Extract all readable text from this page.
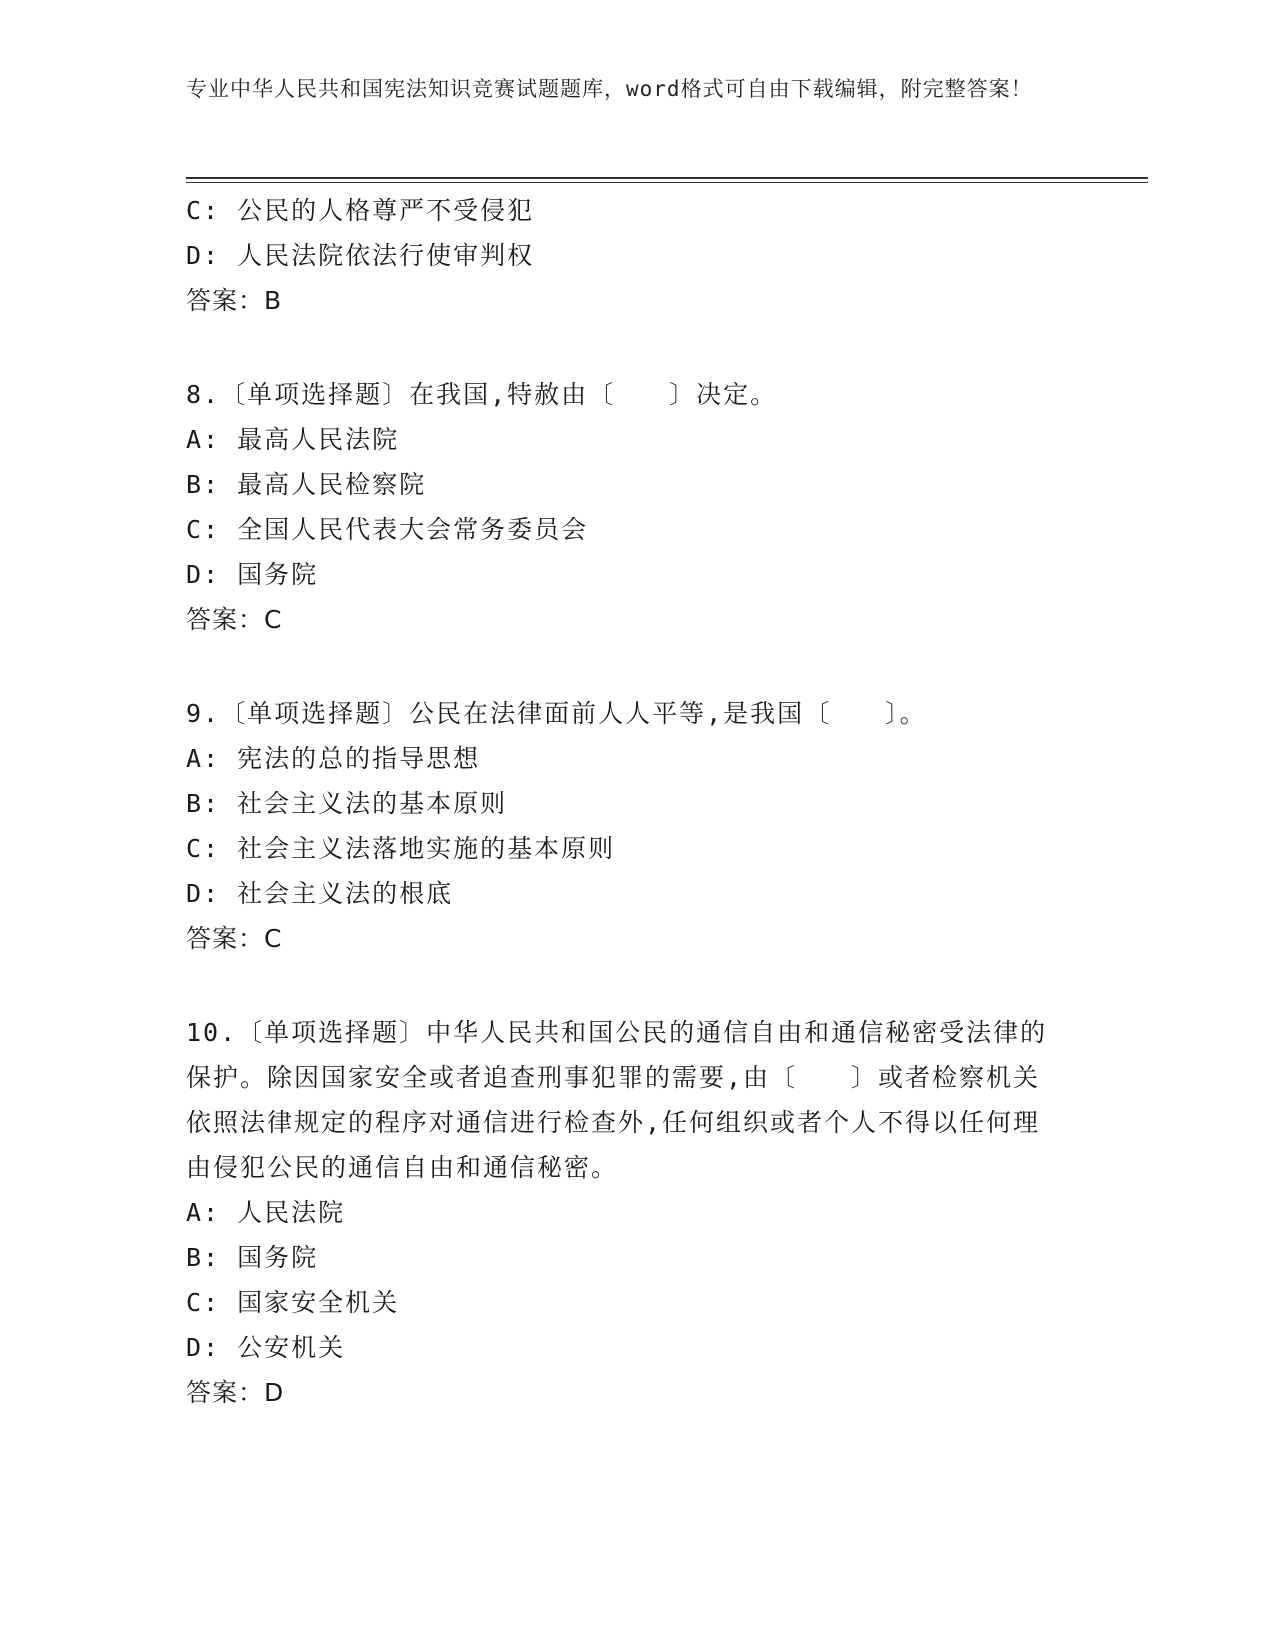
专业中华人民共和国宪法知识竞赛试题题库，word格式可自由下载编辑，附完整答案！
C: 公民的人格尊严不受侵犯
D: 人民法院依法行使审判权
答案：B
8.〔单项选择题〕在我国,特赦由〔　　〕决定。
A: 最高人民法院
B: 最高人民检察院
C: 全国人民代表大会常务委员会
D: 国务院
答案：C
9.〔单项选择题〕公民在法律面前人人平等,是我国〔　　〕。
A: 宪法的总的指导思想
B: 社会主义法的基本原则
C: 社会主义法落地实施的基本原则
D: 社会主义法的根底
答案：C
10.〔单项选择题〕中华人民共和国公民的通信自由和通信秘密受法律的保护。除因国家安全或者追查刑事犯罪的需要,由〔　　〕或者检察机关依照法律规定的程序对通信进行检查外,任何组织或者个人不得以任何理由侵犯公民的通信自由和通信秘密。
A: 人民法院
B: 国务院
C: 国家安全机关
D: 公安机关
答案：D
